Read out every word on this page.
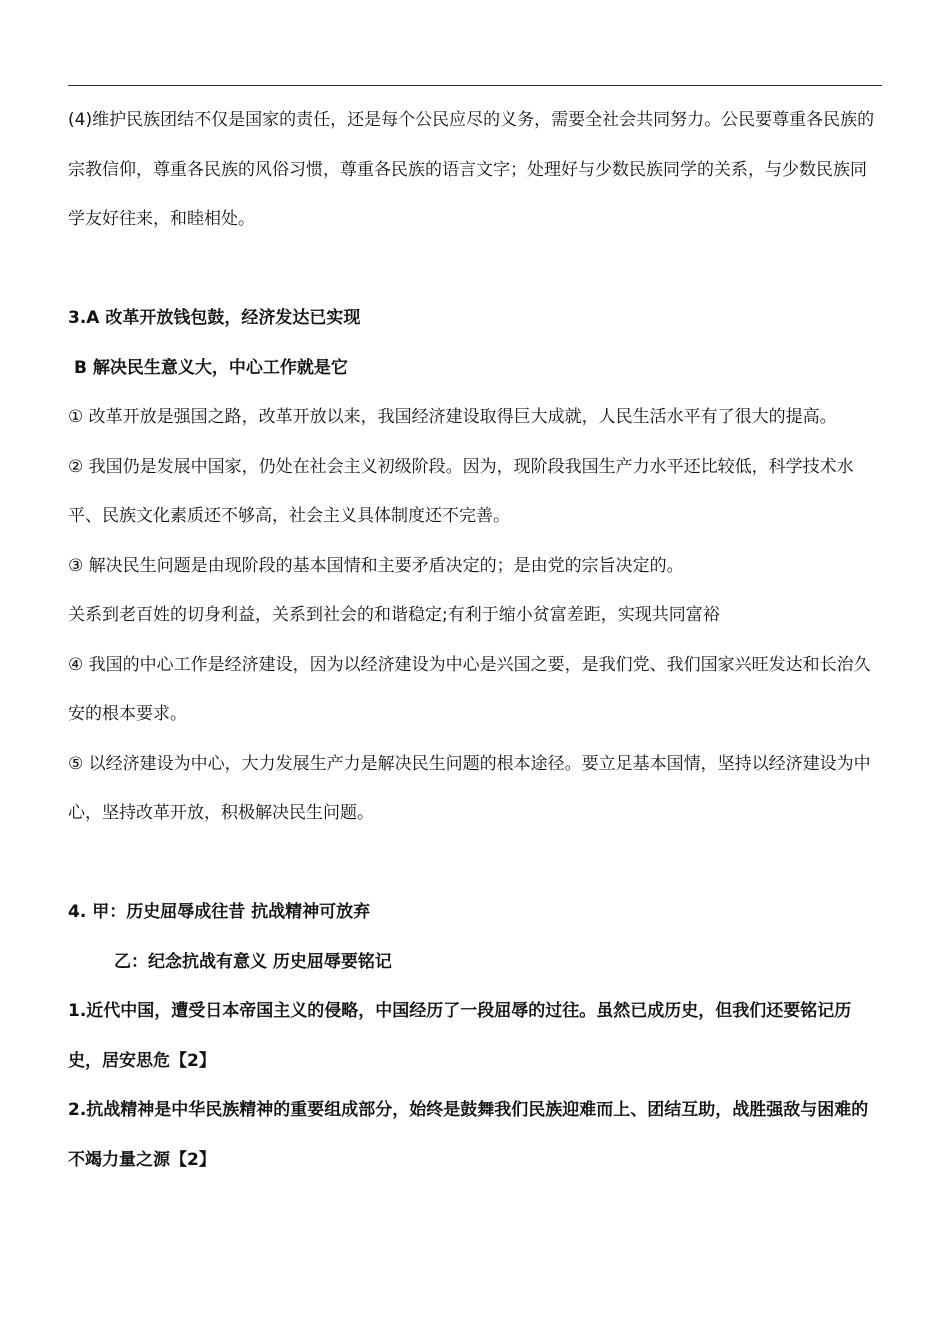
(4)维护民族团结不仅是国家的责任，还是每个公民应尽的义务，需要全社会共同努力。公民要尊重各民族的宗教信仰，尊重各民族的风俗习惯，尊重各民族的语言文字；处理好与少数民族同学的关系，与少数民族同学友好往来，和睦相处。

3.A 改革开放钱包鼓，经济发达已实现

B 解决民生意义大，中心工作就是它

① 改革开放是强国之路，改革开放以来，我国经济建设取得巨大成就，人民生活水平有了很大的提高。

② 我国仍是发展中国家，仍处在社会主义初级阶段。因为，现阶段我国生产力水平还比较低，科学技术水平、民族文化素质还不够高，社会主义具体制度还不完善。

③ 解决民生问题是由现阶段的基本国情和主要矛盾决定的；是由党的宗旨决定的。

关系到老百姓的切身利益，关系到社会的和谐稳定;有利于缩小贫富差距，实现共同富裕

④ 我国的中心工作是经济建设，因为以经济建设为中心是兴国之要，是我们党、我们国家兴旺发达和长治久安的根本要求。

⑤ 以经济建设为中心，大力发展生产力是解决民生问题的根本途径。要立足基本国情，坚持以经济建设为中心，坚持改革开放，积极解决民生问题。

4. 甲：历史屈辱成往昔 抗战精神可放弃

乙：纪念抗战有意义 历史屈辱要铭记

1.近代中国，遭受日本帝国主义的侵略，中国经历了一段屈辱的过往。虽然已成历史，但我们还要铭记历史，居安思危【2】

2.抗战精神是中华民族精神的重要组成部分，始终是鼓舞我们民族迎难而上、团结互助，战胜强敌与困难的不竭力量之源【2】
